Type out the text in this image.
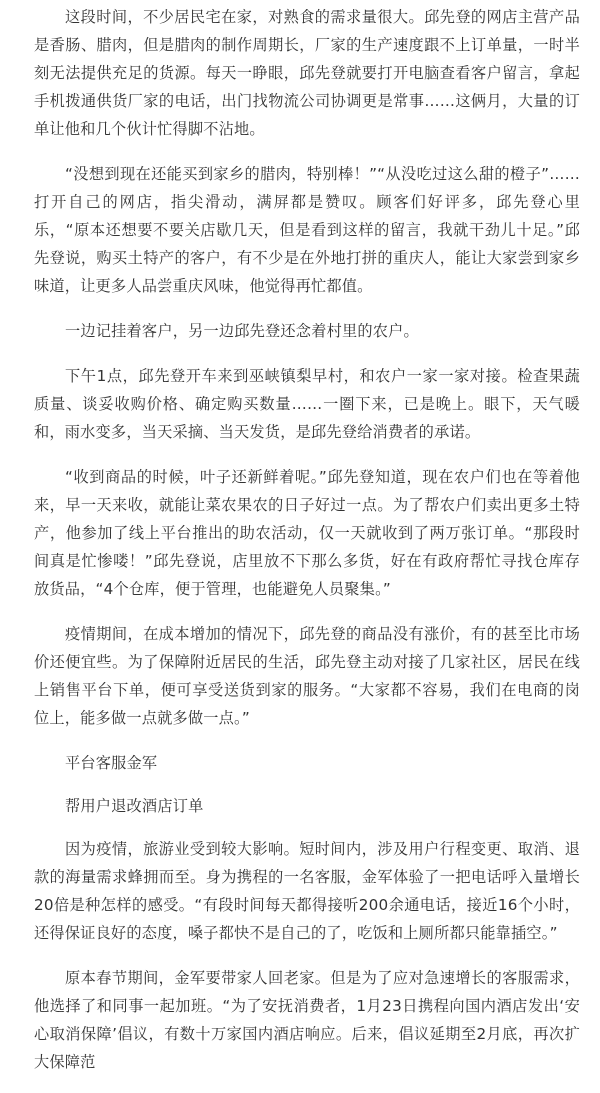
这段时间，不少居民宅在家，对熟食的需求量很大。邱先登的网店主营产品是香肠、腊肉，但是腊肉的制作周期长，厂家的生产速度跟不上订单量，一时半刻无法提供充足的货源。每天一睁眼，邱先登就要打开电脑查看客户留言，拿起手机拨通供货厂家的电话，出门找物流公司协调更是常事……这俩月，大量的订单让他和几个伙计忙得脚不沾地。

“没想到现在还能买到家乡的腊肉，特别棒！”“从没吃过这么甜的橙子”……打开自己的网店，指尖滑动，满屏都是赞叹。顾客们好评多，邱先登心里乐，“原本还想要不要关店歇几天，但是看到这样的留言，我就干劲儿十足。”邱先登说，购买土特产的客户，有不少是在外地打拼的重庆人，能让大家尝到家乡味道，让更多人品尝重庆风味，他觉得再忙都值。

一边记挂着客户，另一边邱先登还念着村里的农户。

下午1点，邱先登开车来到巫峡镇梨早村，和农户一家一家对接。检查果蔬质量、谈妥收购价格、确定购买数量……一圈下来，已是晚上。眼下，天气暖和，雨水变多，当天采摘、当天发货，是邱先登给消费者的承诺。

“收到商品的时候，叶子还新鲜着呢。”邱先登知道，现在农户们也在等着他来，早一天来收，就能让菜农果农的日子好过一点。为了帮农户们卖出更多土特产，他参加了线上平台推出的助农活动，仅一天就收到了两万张订单。“那段时间真是忙惨喽！”邱先登说，店里放不下那么多货，好在有政府帮忙寻找仓库存放货品，“4个仓库，便于管理，也能避免人员聚集。”

疫情期间，在成本增加的情况下，邱先登的商品没有涨价，有的甚至比市场价还便宜些。为了保障附近居民的生活，邱先登主动对接了几家社区，居民在线上销售平台下单，便可享受送货到家的服务。“大家都不容易，我们在电商的岗位上，能多做一点就多做一点。”

平台客服金军

帮用户退改酒店订单

因为疫情，旅游业受到较大影响。短时间内，涉及用户行程变更、取消、退款的海量需求蜂拥而至。身为携程的一名客服，金军体验了一把电话呼入量增长20倍是种怎样的感受。“有段时间每天都得接听200余通电话，接近16个小时，还得保证良好的态度，嗓子都快不是自己的了，吃饭和上厕所都只能靠插空。”

原本春节期间，金军要带家人回老家。但是为了应对急速增长的客服需求，他选择了和同事一起加班。“为了安抚消费者，1月23日携程向国内酒店发出‘安心取消保障’倡议，有数十万家国内酒店响应。后来，倡议延期至2月底，再次扩大保障范
